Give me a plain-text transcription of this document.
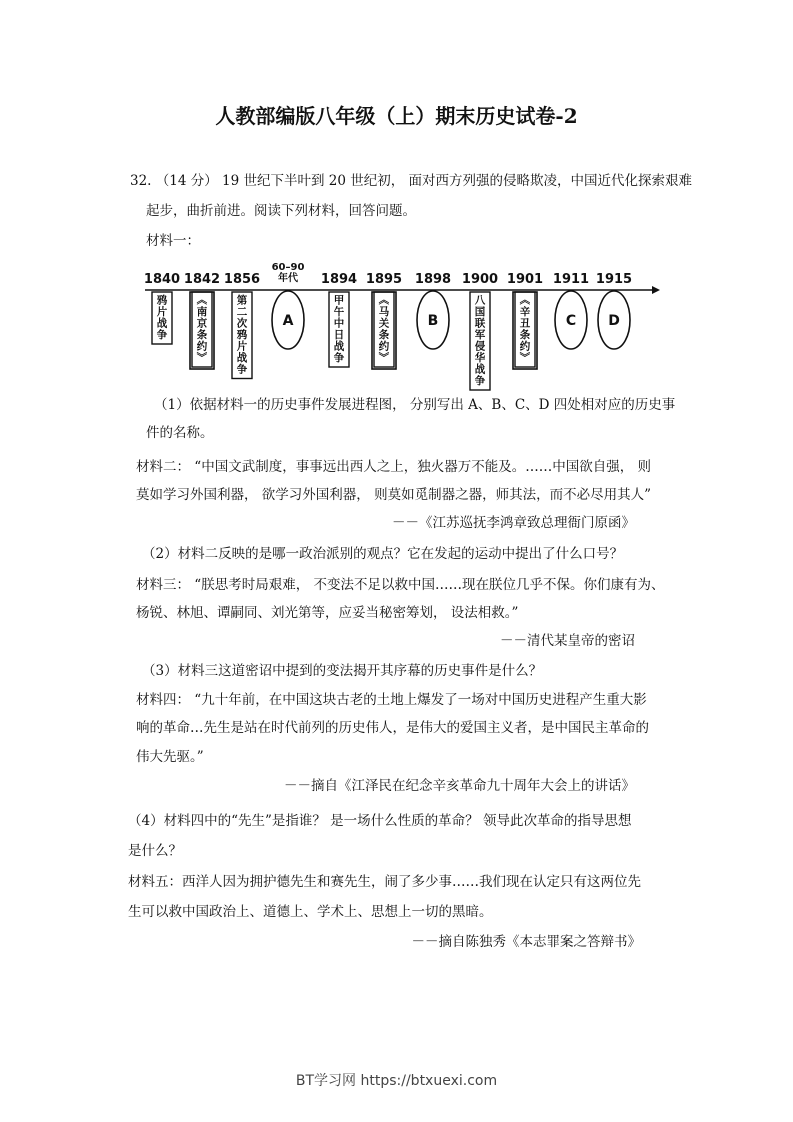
人教部编版八年级（上）期末历史试卷-2
32. （14 分） 19 世纪下半叶到 20 世纪初， 面对西方列强的侵略欺凌，中国近代化探索艰难
起步，曲折前进。阅读下列材料，回答问题。
材料一：
1840 1842 1856
60–90
年代 1894 1895 1898 1900 1901 1911 1915
鸦
片
战
争
《
南
京
条
约
》
第
二
次
鸦
片
战
争
A
甲
午
中
日
战
争
《
马
关
条
约
》
B
八
国
联
军
侵
华
战
争
《
辛
丑
条
约
》
C D
（1）依据材料一的历史事件发展进程图， 分别写出 A、B、C、D 四处相对应的历史事
件的名称。
材料二： “中国文武制度，事事远出西人之上，独火器万不能及。……中国欲自强， 则
莫如学习外国利器， 欲学习外国利器， 则莫如觅制器之器，师其法，而不必尽用其人”
－－《江苏巡抚李鸿章致总理衙门原函》
（2）材料二反映的是哪一政治派别的观点？它在发起的运动中提出了什么口号？
材料三： “朕思考时局艰难， 不变法不足以救中国……现在朕位几乎不保。你们康有为、
杨锐、林旭、谭嗣同、刘光第等，应妥当秘密筹划， 设法相救。”
－－清代某皇帝的密诏
（3）材料三这道密诏中提到的变法揭开其序幕的历史事件是什么？
材料四： “九十年前，在中国这块古老的土地上爆发了一场对中国历史进程产生重大影
响的革命…先生是站在时代前列的历史伟人，是伟大的爱国主义者，是中国民主革命的
伟大先驱。”
－－摘自《江泽民在纪念辛亥革命九十周年大会上的讲话》
（4）材料四中的“先生”是指谁？ 是一场什么性质的革命？ 领导此次革命的指导思想
是什么？
材料五：西洋人因为拥护德先生和赛先生，闹了多少事……我们现在认定只有这两位先
生可以救中国政治上、道德上、学术上、思想上一切的黑暗。
－－摘自陈独秀《本志罪案之答辩书》
BT学习网 https://btxuexi.com
